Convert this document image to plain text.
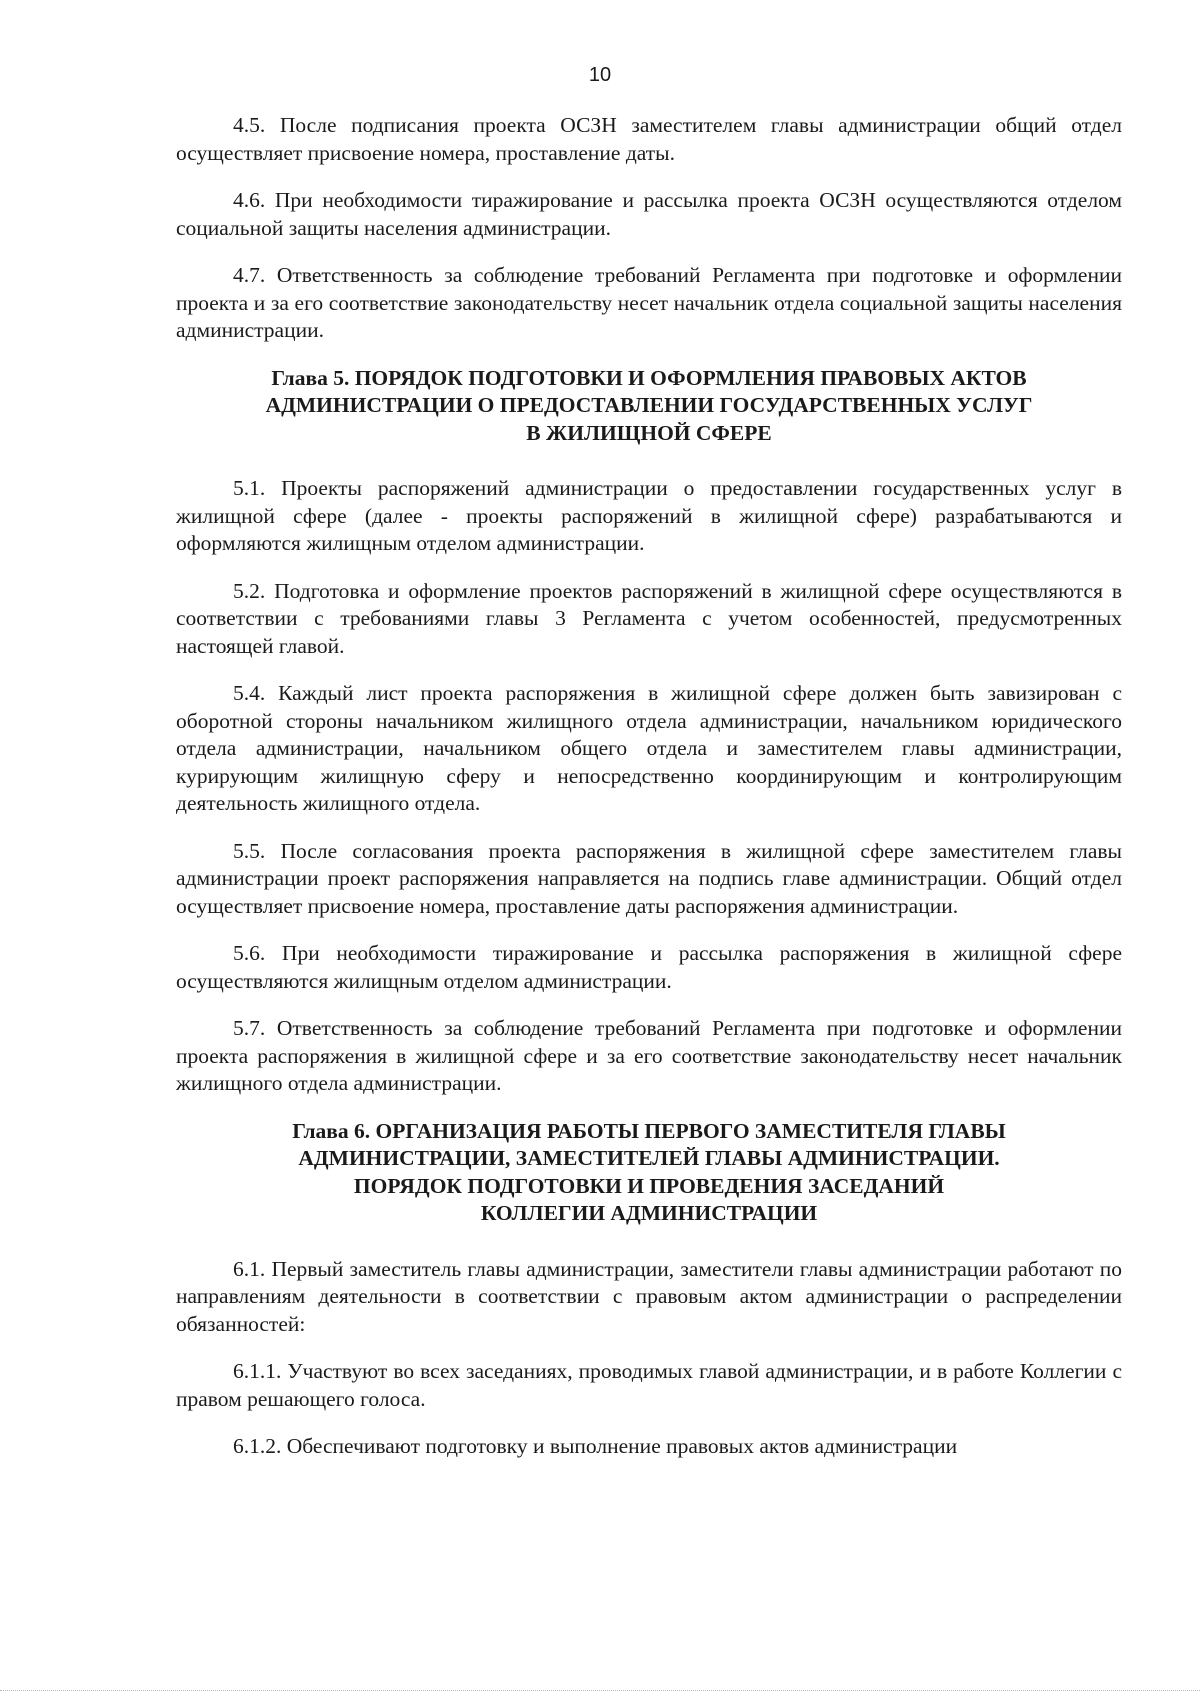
10

4.5. После подписания проекта ОСЗН заместителем главы администрации общий отдел осуществляет присвоение номера, проставление даты.

4.6. При необходимости тиражирование и рассылка проекта ОСЗН осуществляются отделом социальной защиты населения администрации.

4.7. Ответственность за соблюдение требований Регламента при подготовке и оформлении проекта и за его соответствие законодательству несет начальник отдела социальной защиты населения администрации.

Глава 5. ПОРЯДОК ПОДГОТОВКИ И ОФОРМЛЕНИЯ ПРАВОВЫХ АКТОВ
АДМИНИСТРАЦИИ О ПРЕДОСТАВЛЕНИИ ГОСУДАРСТВЕННЫХ УСЛУГ
В ЖИЛИЩНОЙ СФЕРЕ

5.1. Проекты распоряжений администрации о предоставлении государственных услуг в жилищной сфере (далее - проекты распоряжений в жилищной сфере) разрабатываются и оформляются жилищным отделом администрации.

5.2. Подготовка и оформление проектов распоряжений в жилищной сфере осуществляются в соответствии с требованиями главы 3 Регламента с учетом особенностей, предусмотренных настоящей главой.

5.4. Каждый лист проекта распоряжения в жилищной сфере должен быть завизирован с оборотной стороны начальником жилищного отдела администрации, начальником юридического отдела администрации, начальником общего отдела и заместителем главы администрации, курирующим жилищную сферу и непосредственно координирующим и контролирующим деятельность жилищного отдела.

5.5. После согласования проекта распоряжения в жилищной сфере заместителем главы администрации проект распоряжения направляется на подпись главе администрации. Общий отдел осуществляет присвоение номера, проставление даты распоряжения администрации.

5.6. При необходимости тиражирование и рассылка распоряжения в жилищной сфере осуществляются жилищным отделом администрации.

5.7. Ответственность за соблюдение требований Регламента при подготовке и оформлении проекта распоряжения в жилищной сфере и за его соответствие законодательству несет начальник жилищного отдела администрации.

Глава 6. ОРГАНИЗАЦИЯ РАБОТЫ ПЕРВОГО ЗАМЕСТИТЕЛЯ ГЛАВЫ
АДМИНИСТРАЦИИ, ЗАМЕСТИТЕЛЕЙ ГЛАВЫ АДМИНИСТРАЦИИ.
ПОРЯДОК ПОДГОТОВКИ И ПРОВЕДЕНИЯ ЗАСЕДАНИЙ
КОЛЛЕГИИ АДМИНИСТРАЦИИ

6.1. Первый заместитель главы администрации, заместители главы администрации работают по направлениям деятельности в соответствии с правовым актом администрации о распределении обязанностей:

6.1.1. Участвуют во всех заседаниях, проводимых главой администрации, и в работе Коллегии с правом решающего голоса.

6.1.2. Обеспечивают подготовку и выполнение правовых актов администрации
